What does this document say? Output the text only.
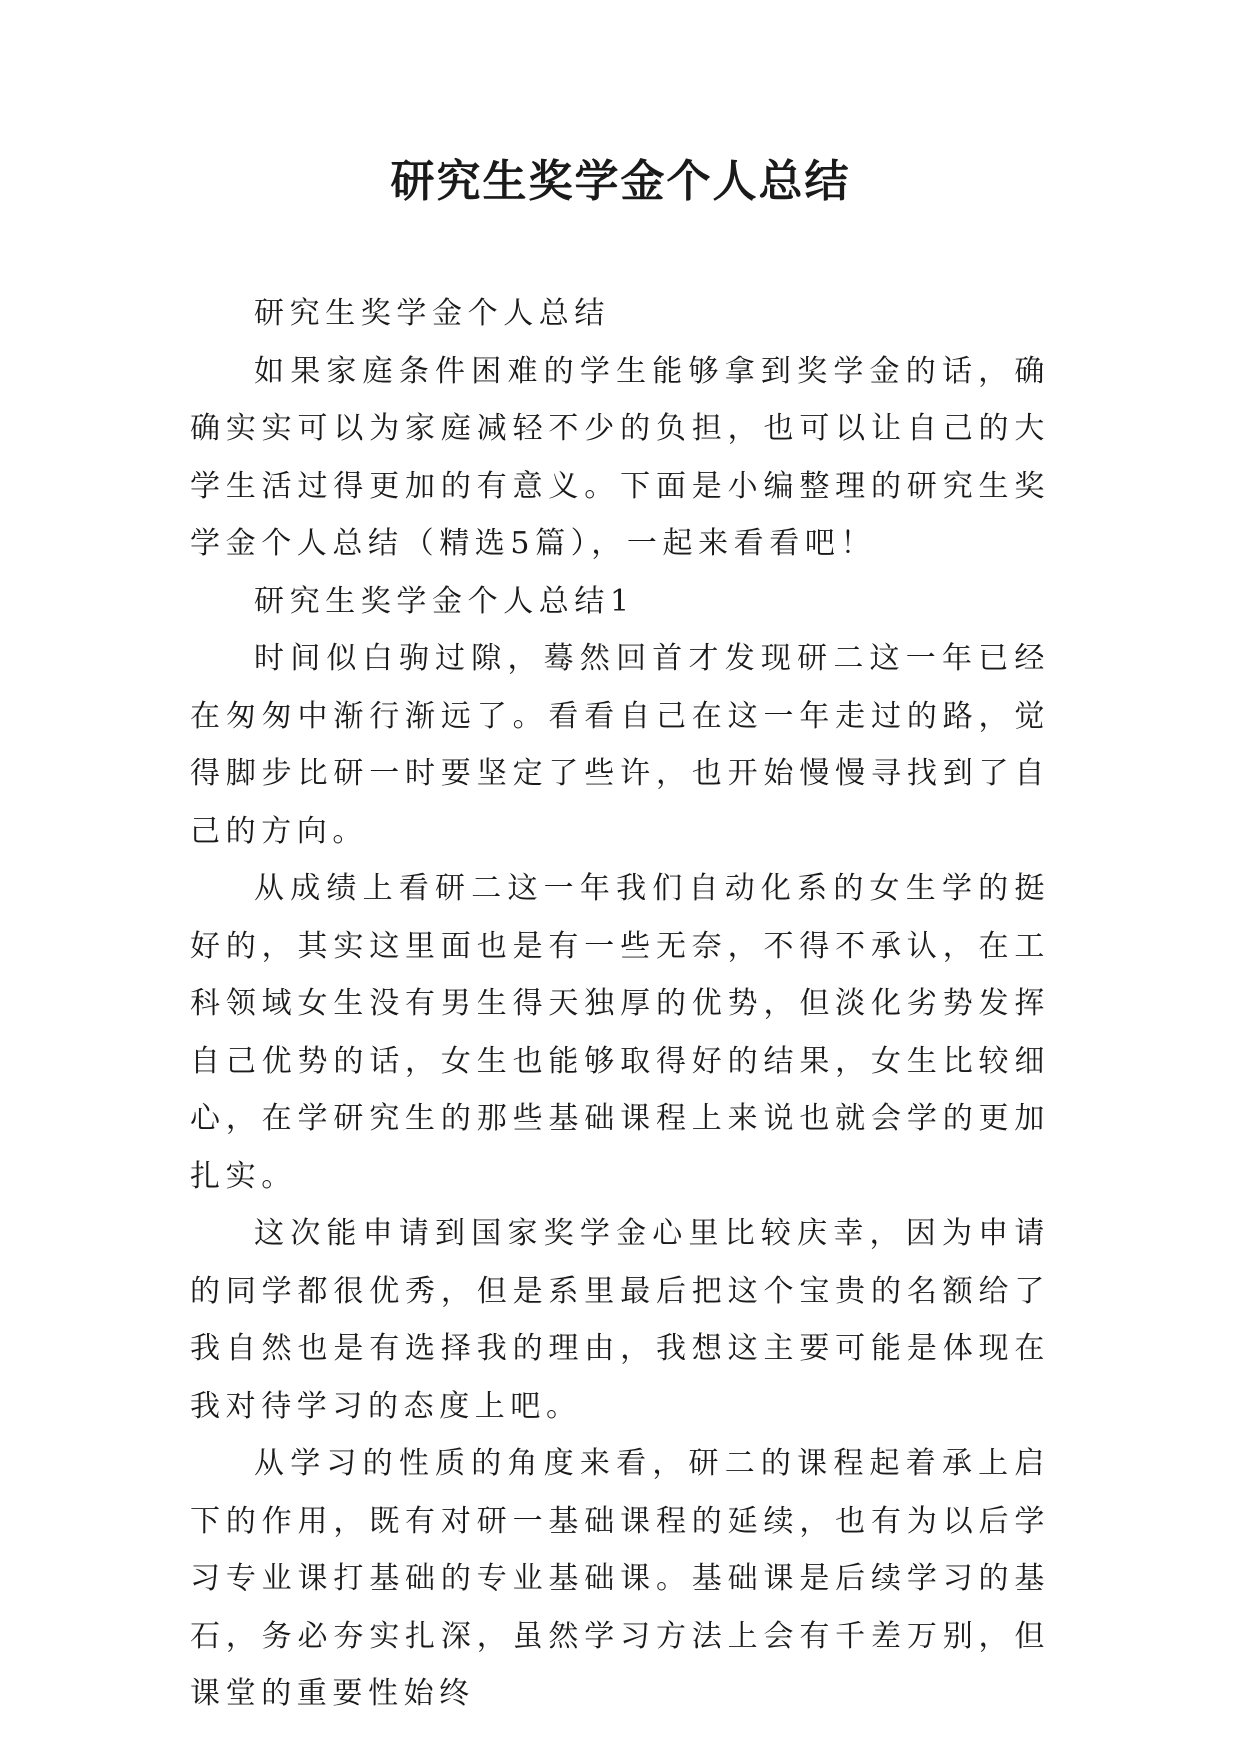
研究生奖学金个人总结

研究生奖学金个人总结

如果家庭条件困难的学生能够拿到奖学金的话，确确实实可以为家庭减轻不少的负担，也可以让自己的大学生活过得更加的有意义。下面是小编整理的研究生奖学金个人总结（精选5篇），一起来看看吧！

研究生奖学金个人总结1

时间似白驹过隙，蓦然回首才发现研二这一年已经在匆匆中渐行渐远了。看看自己在这一年走过的路，觉得脚步比研一时要坚定了些许，也开始慢慢寻找到了自己的方向。

从成绩上看研二这一年我们自动化系的女生学的挺好的，其实这里面也是有一些无奈，不得不承认，在工科领域女生没有男生得天独厚的优势，但淡化劣势发挥自己优势的话，女生也能够取得好的结果，女生比较细心，在学研究生的那些基础课程上来说也就会学的更加扎实。

这次能申请到国家奖学金心里比较庆幸，因为申请的同学都很优秀，但是系里最后把这个宝贵的名额给了我自然也是有选择我的理由，我想这主要可能是体现在我对待学习的态度上吧。

从学习的性质的角度来看，研二的课程起着承上启下的作用，既有对研一基础课程的延续，也有为以后学习专业课打基础的专业基础课。基础课是后续学习的基石，务必夯实扎深，虽然学习方法上会有千差万别，但课堂的重要性始终
